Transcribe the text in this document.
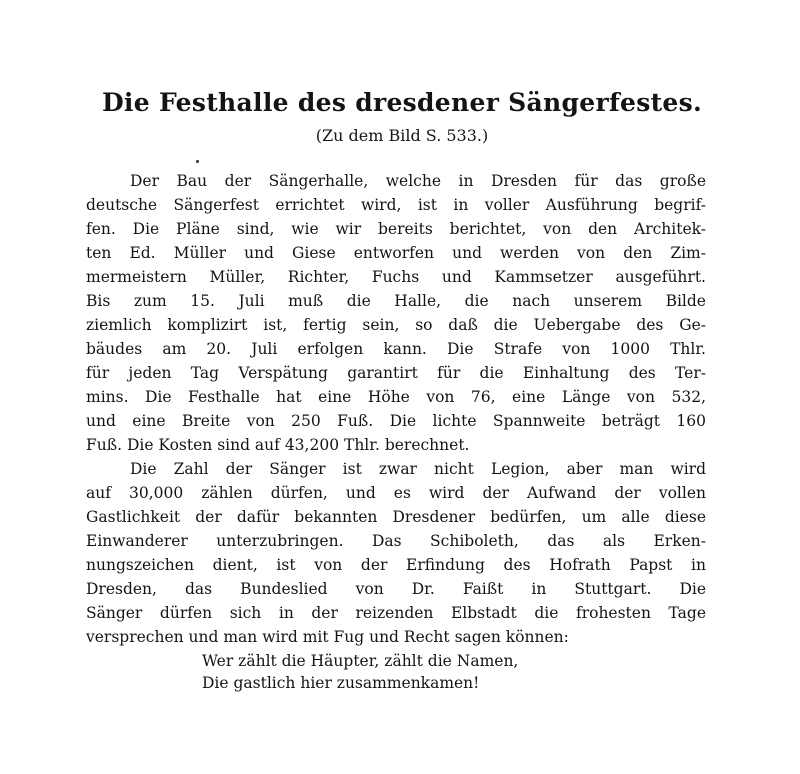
Die Festhalle des dresdener Sängerfestes.
(Zu dem Bild S. 533.)
Der Bau der Sängerhalle, welche in Dresden für das große
deutsche Sängerfest errichtet wird, ist in voller Ausführung begrif-
fen. Die Pläne sind, wie wir bereits berichtet, von den Architek-
ten Ed. Müller und Giese entworfen und werden von den Zim-
mermeistern Müller, Richter, Fuchs und Kammsetzer ausgeführt.
Bis zum 15. Juli muß die Halle, die nach unserem Bilde
ziemlich komplizirt ist, fertig sein, so daß die Uebergabe des Ge-
bäudes am 20. Juli erfolgen kann. Die Strafe von 1000 Thlr.
für jeden Tag Verspätung garantirt für die Einhaltung des Ter-
mins. Die Festhalle hat eine Höhe von 76, eine Länge von 532,
und eine Breite von 250 Fuß. Die lichte Spannweite beträgt 160
Fuß. Die Kosten sind auf 43,200 Thlr. berechnet.
Die Zahl der Sänger ist zwar nicht Legion, aber man wird
auf 30,000 zählen dürfen, und es wird der Aufwand der vollen
Gastlichkeit der dafür bekannten Dresdener bedürfen, um alle diese
Einwanderer unterzubringen. Das Schiboleth, das als Erken-
nungszeichen dient, ist von der Erfindung des Hofrath Papst in
Dresden, das Bundeslied von Dr. Faißt in Stuttgart. Die
Sänger dürfen sich in der reizenden Elbstadt die frohesten Tage
versprechen und man wird mit Fug und Recht sagen können:
Wer zählt die Häupter, zählt die Namen,
Die gastlich hier zusammenkamen!
